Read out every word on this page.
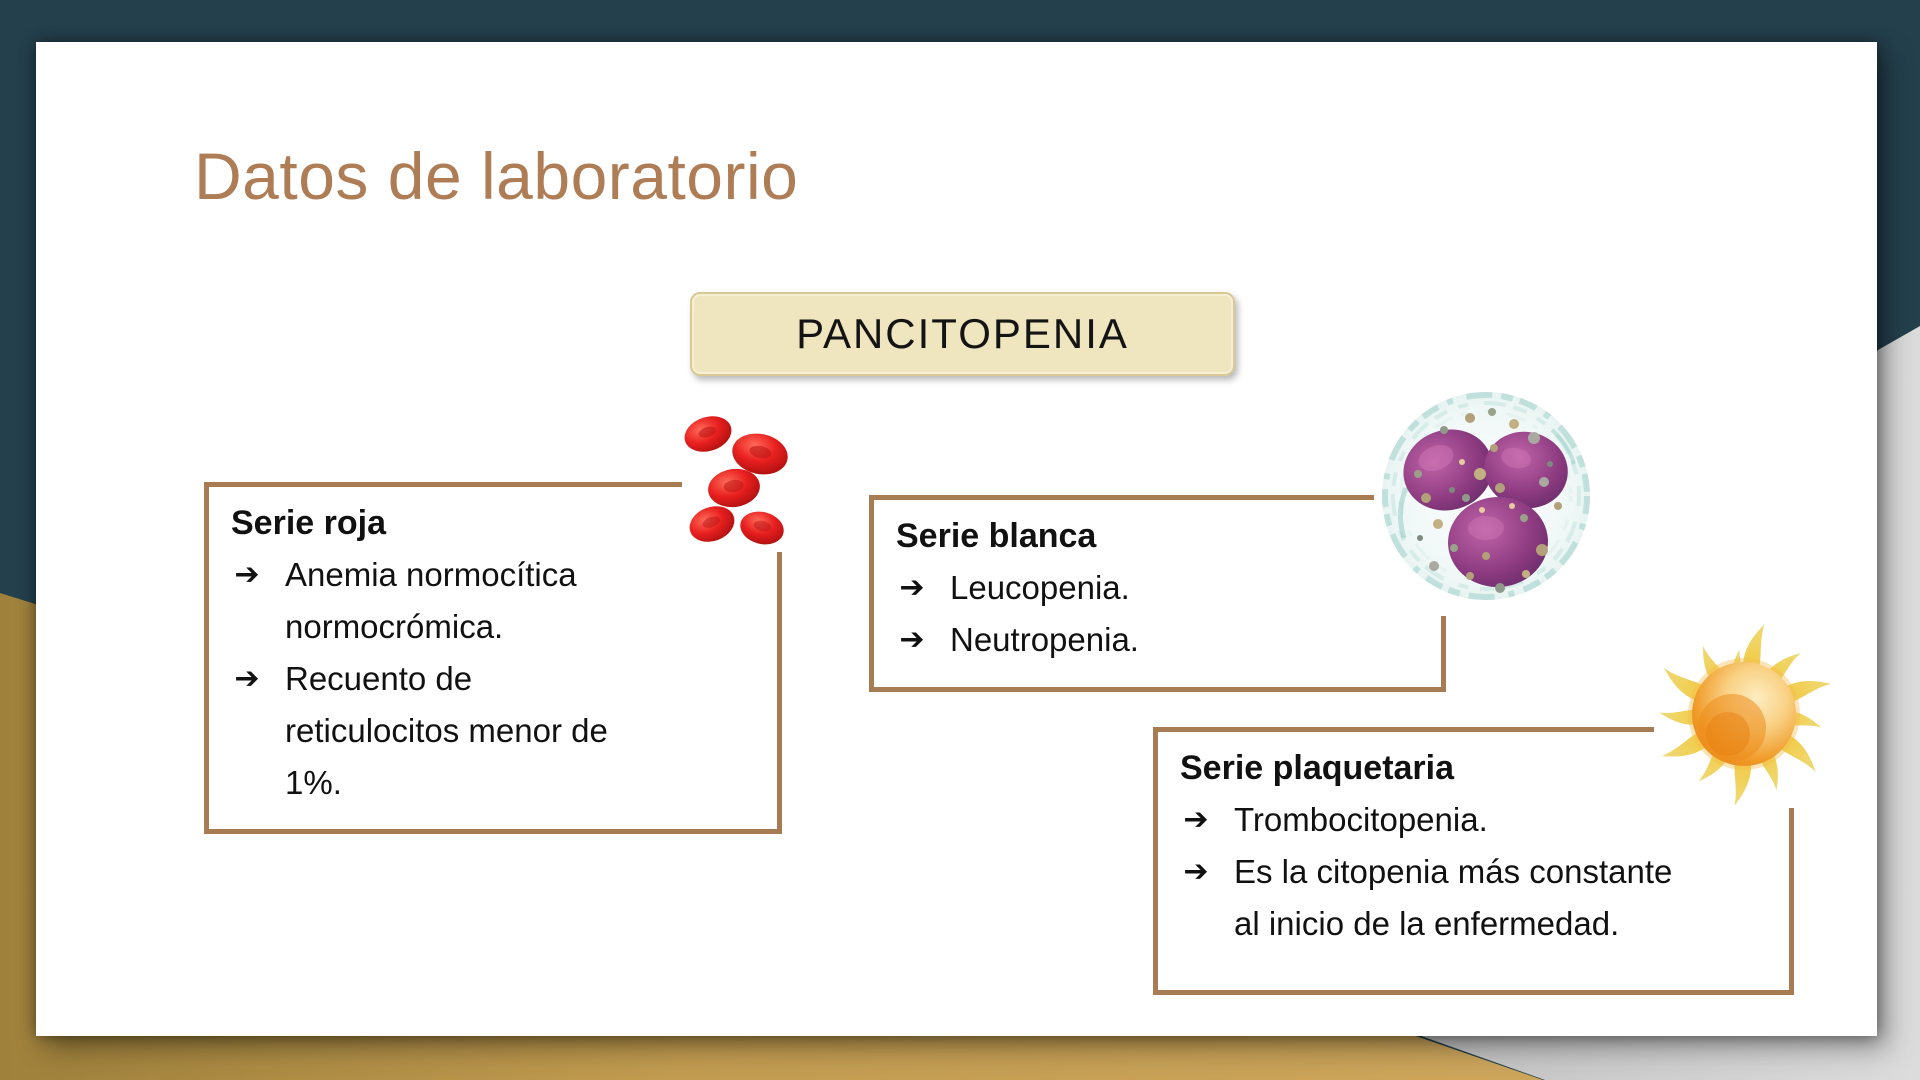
Datos de laboratorio
PANCITOPENIA
Serie roja
➔ Anemia normocítica normocrómica.
➔ Recuento de reticulocitos menor de 1%.
Serie blanca
➔ Leucopenia.
➔ Neutropenia.
Serie plaquetaria
➔ Trombocitopenia.
➔ Es la citopenia más constante al inicio de la enfermedad.
